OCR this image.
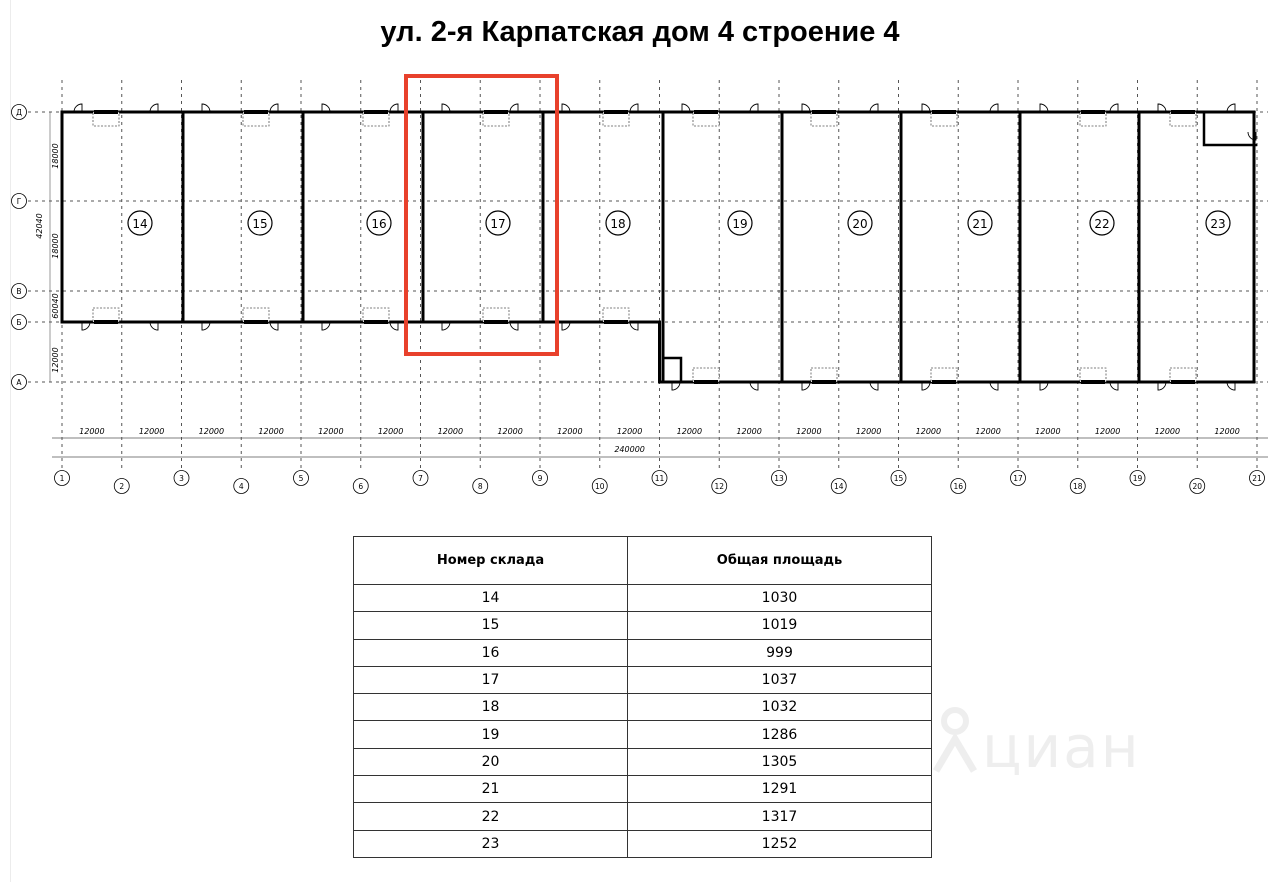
ул. 2-я Карпатская дом 4 строение 4
1
2
3
4
5
6
7
8
9
10
11
12
13
14
15
16
17
18
19
20
21
Д
Г
В
Б
А
14	15	16	17	18	19	20	21	22	23
18000
18000
60040
12000
42040
12000	12000	12000	12000	12000	12000	12000	12000	12000	12000	12000	12000	12000	12000	12000	12000	12000	12000	12000	12000
240000
Номер склада	Общая площадь
14	1030
15	1019
16	999
17	1037
18	1032
19	1286
20	1305
21	1291
22	1317
23	1252
циан
